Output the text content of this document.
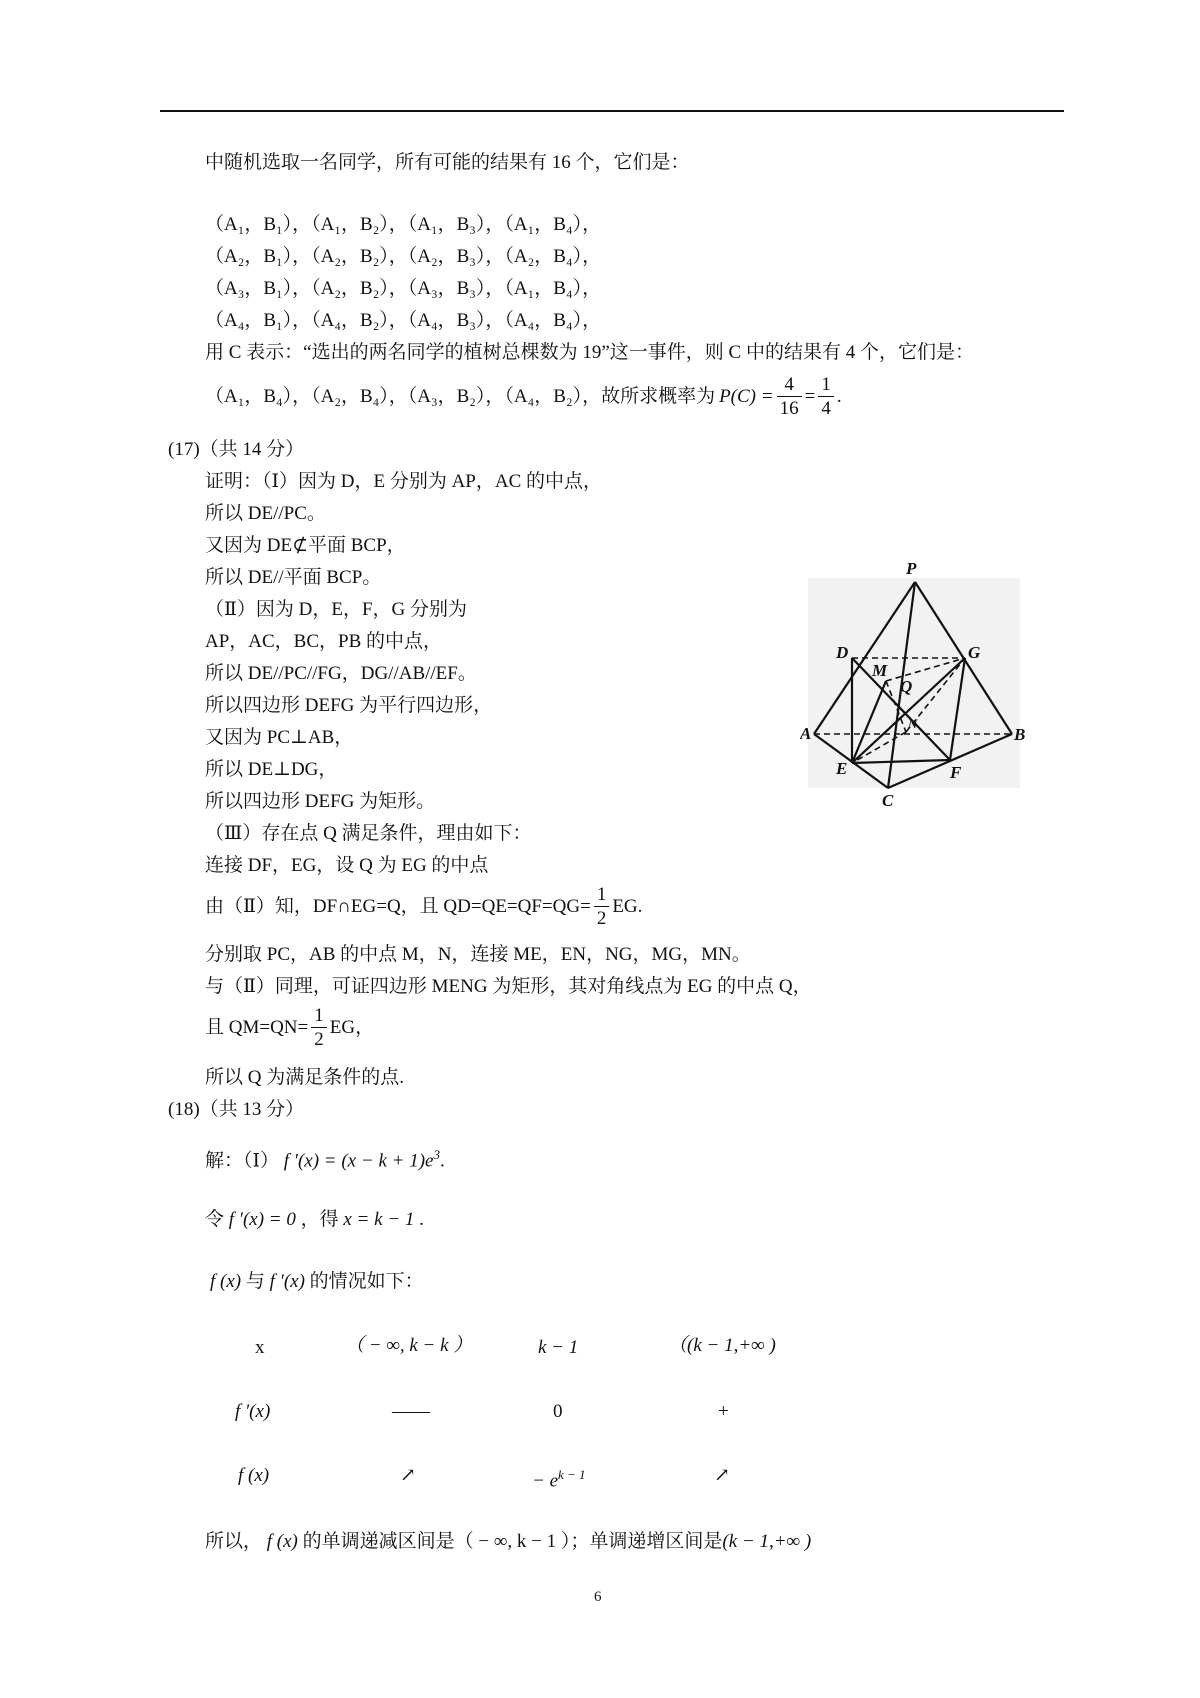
中随机选取一名同学，所有可能的结果有 16 个，它们是：
（A₁，B₁），（A₁，B₂），（A₁，B₃），（A₁，B₄），
（A₂，B₁），（A₂，B₂），（A₂，B₃），（A₂，B₄），
（A₃，B₁），（A₂，B₂），（A₃，B₃），（A₁，B₄），
（A₄，B₁），（A₄，B₂），（A₄，B₃），（A₄，B₄），
用 C 表示：“选出的两名同学的植树总棵数为 19”这一事件，则 C 中的结果有 4 个，它们是：
（A₁，B₄），（A₂，B₄），（A₃，B₂），（A₄，B₂），故所求概率为 $P(C) = \frac{4}{16} = \frac{1}{4}$ .
(17)（共 14 分）
证明：（Ⅰ）因为 D，E 分别为 AP，AC 的中点，
所以 DE//PC。
又因为 DE⊄平面 BCP，
所以 DE//平面 BCP。
（Ⅱ）因为 D，E，F，G 分别为
AP，AC，BC，PB 的中点，
所以 DE//PC//FG，DG//AB//EF。
所以四边形 DEFG 为平行四边形，
又因为 PC⊥AB，
所以 DE⊥DG，
所以四边形 DEFG 为矩形。
（Ⅲ）存在点 Q 满足条件，理由如下：
连接 DF，EG，设 Q 为 EG 的中点
由（Ⅱ）知，DF∩EG=Q，且 $QD=QE=QF=QG= \frac{1}{2}$ EG.
分别取 PC，AB 的中点 M，N，连接 ME，EN，NG，MG，MN。
与（Ⅱ）同理，可证四边形 MENG 为矩形，其对角线点为 EG 的中点 Q，
且 $QM=QN= \frac{1}{2}$ EG，
所以 Q 为满足条件的点.
P
D
M
G
Q
N
A	B
E	F
C
(18)（共 13 分）
解：（Ⅰ） f $'(x) = (x - k + 1)e^3$.
令 f ′(x) = 0 ，得 x = k − 1 .
f (x) 与 f ′(x) 的情况如下：
x	（ − ∞, k − k ）	k − 1	（(k − 1,+∞ )
f ′(x)	——	0	+
f (x)	↗	− $e^{k - 1}$	↗
所以， f (x) 的单调递减区间是（ − ∞, k − 1 ）；单调递增区间是(k − 1,+∞ )
6
